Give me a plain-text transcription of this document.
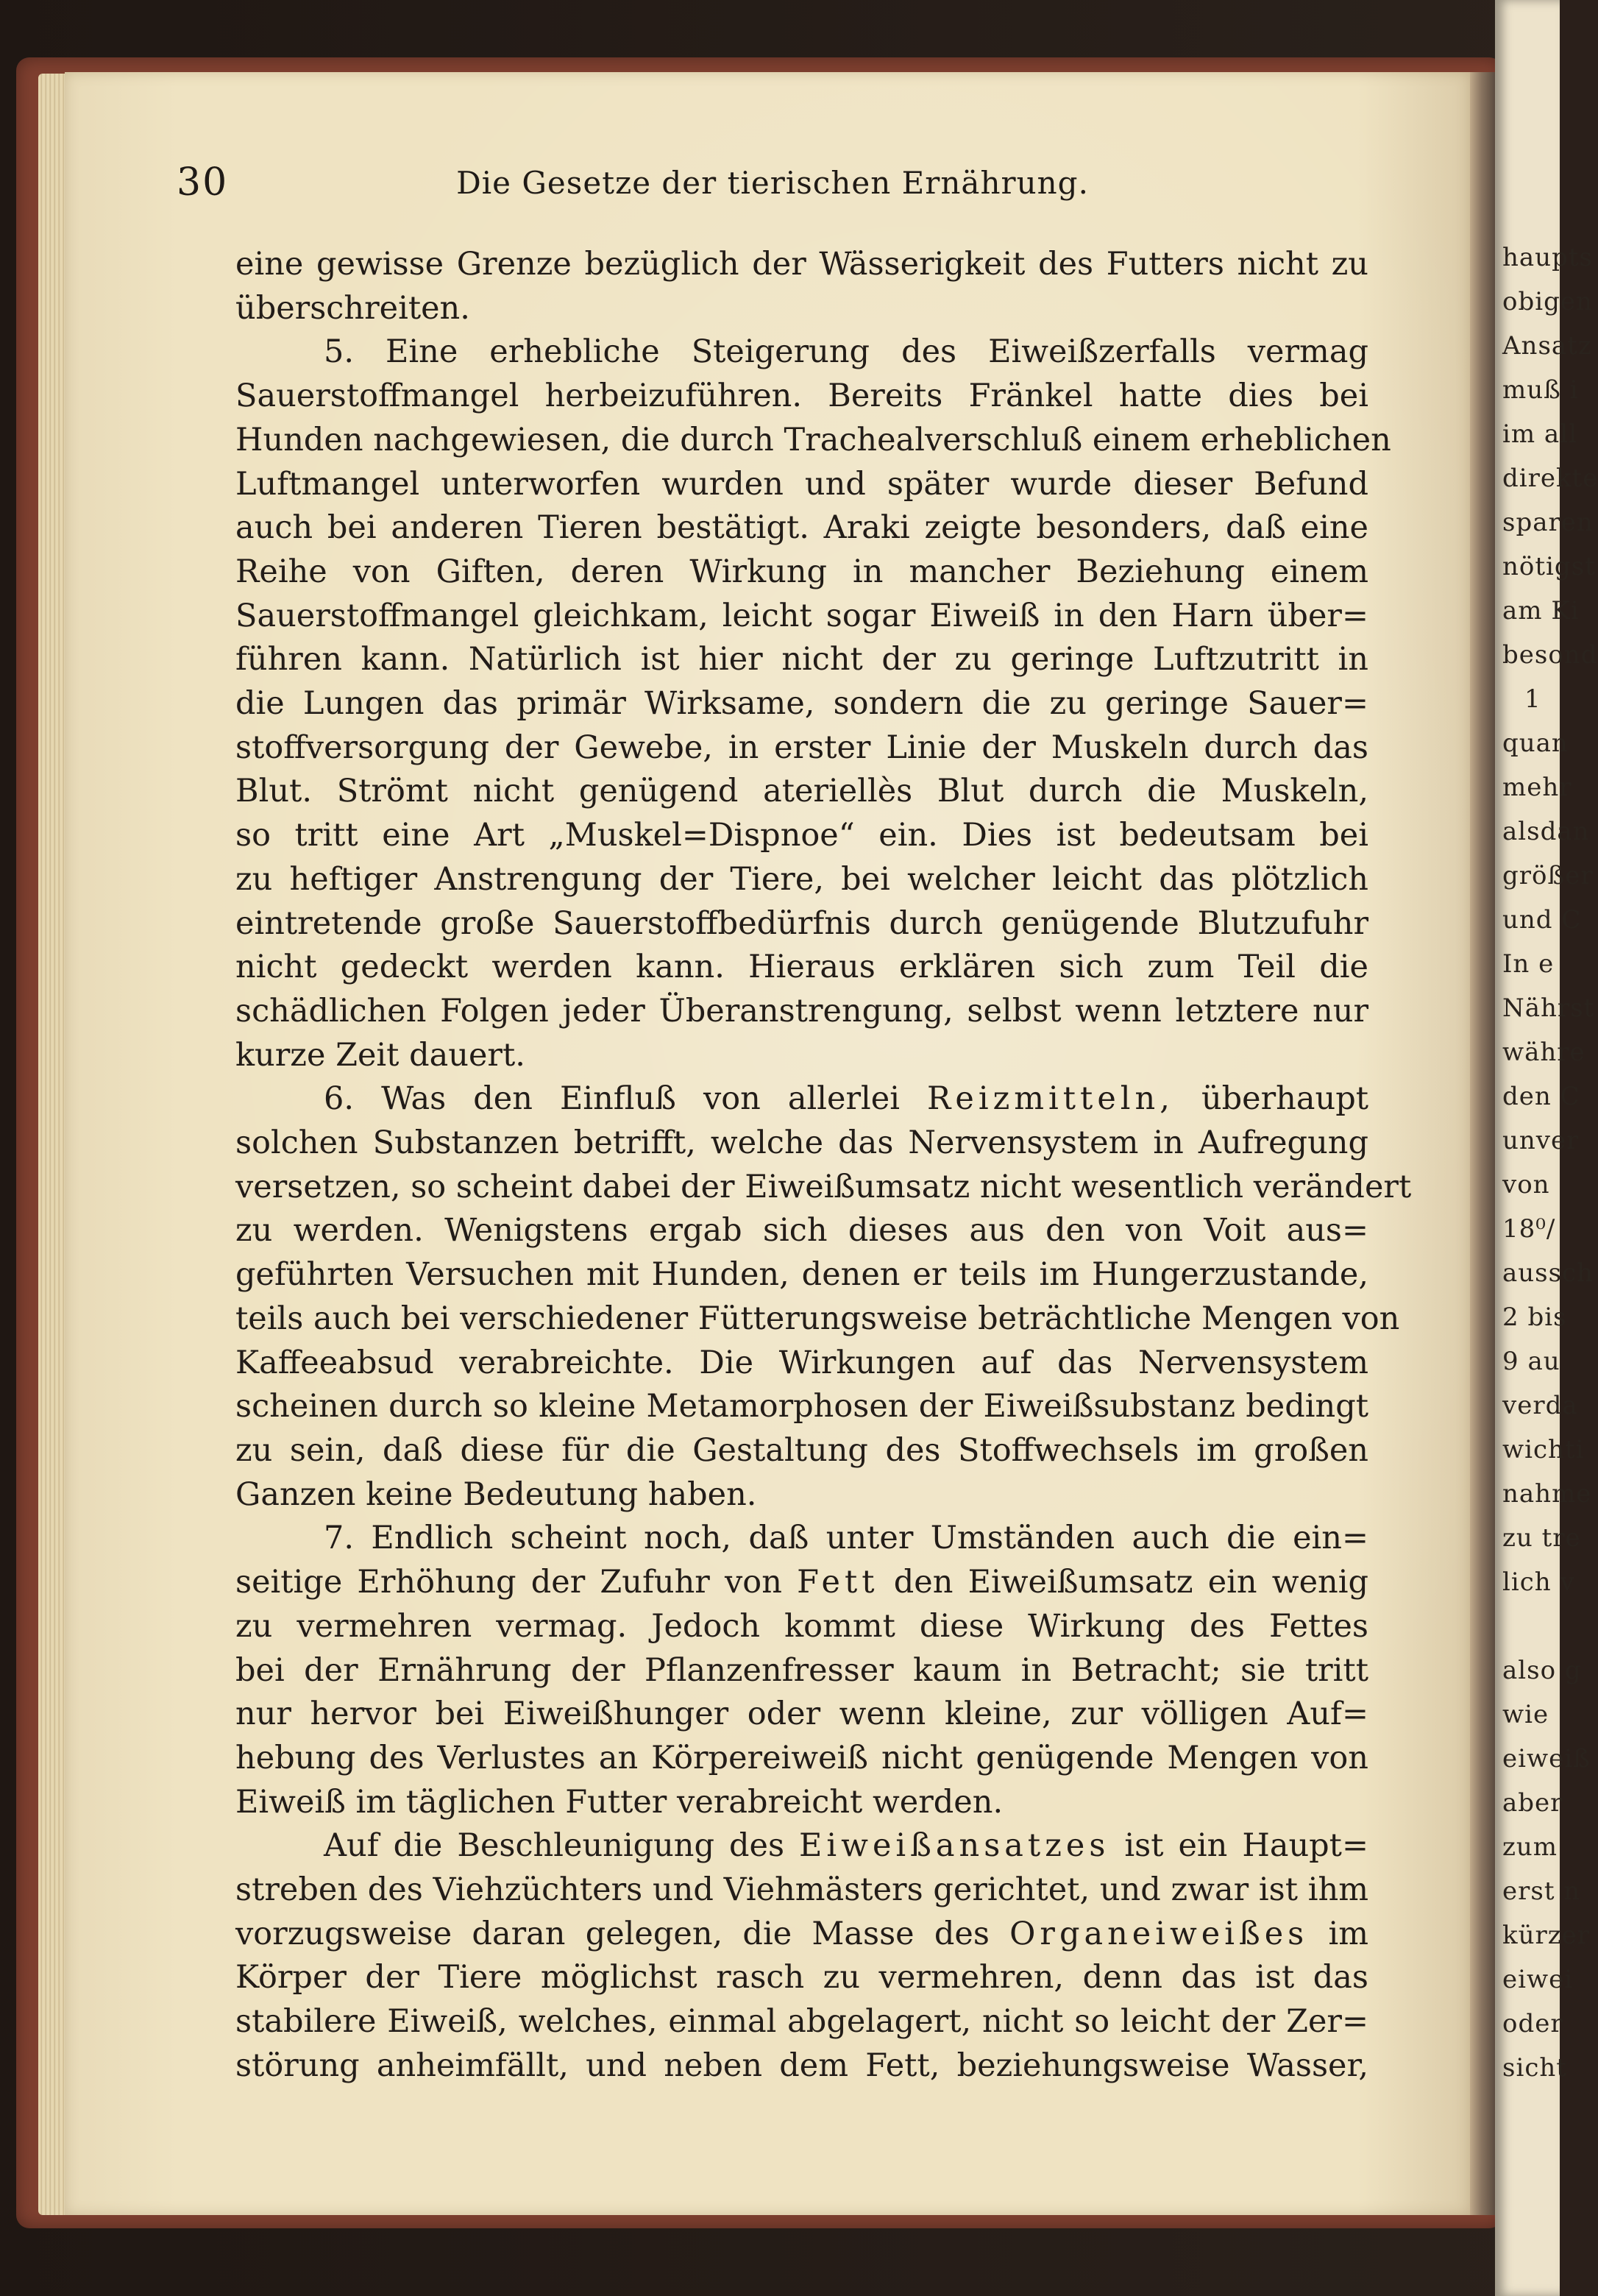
30	Die Gesetze der tierischen Ernährung.
eine gewisse Grenze bezüglich der Wässerigkeit des Futters nicht zu
überschreiten.
5. Eine erhebliche Steigerung des Eiweißzerfalls vermag
Sauerstoffmangel herbeizuführen. Bereits Fränkel hatte dies bei
Hunden nachgewiesen, die durch Trachealverschluß einem erheblichen
Luftmangel unterworfen wurden und später wurde dieser Befund
auch bei anderen Tieren bestätigt. Araki zeigte besonders, daß eine
Reihe von Giften, deren Wirkung in mancher Beziehung einem
Sauerstoffmangel gleichkam, leicht sogar Eiweiß in den Harn über=
führen kann. Natürlich ist hier nicht der zu geringe Luftzutritt in
die Lungen das primär Wirksame, sondern die zu geringe Sauer=
stoffversorgung der Gewebe, in erster Linie der Muskeln durch das
Blut. Strömt nicht genügend ateriellès Blut durch die Muskeln,
so tritt eine Art „Muskel=Dispnoe“ ein. Dies ist bedeutsam bei
zu heftiger Anstrengung der Tiere, bei welcher leicht das plötzlich
eintretende große Sauerstoffbedürfnis durch genügende Blutzufuhr
nicht gedeckt werden kann. Hieraus erklären sich zum Teil die
schädlichen Folgen jeder Überanstrengung, selbst wenn letztere nur
kurze Zeit dauert.
6. Was den Einfluß von allerlei Reizmitteln, überhaupt
solchen Substanzen betrifft, welche das Nervensystem in Aufregung
versetzen, so scheint dabei der Eiweißumsatz nicht wesentlich verändert
zu werden. Wenigstens ergab sich dieses aus den von Voit aus=
geführten Versuchen mit Hunden, denen er teils im Hungerzustande,
teils auch bei verschiedener Fütterungsweise beträchtliche Mengen von
Kaffeeabsud verabreichte. Die Wirkungen auf das Nervensystem
scheinen durch so kleine Metamorphosen der Eiweißsubstanz bedingt
zu sein, daß diese für die Gestaltung des Stoffwechsels im großen
Ganzen keine Bedeutung haben.
7. Endlich scheint noch, daß unter Umständen auch die ein=
seitige Erhöhung der Zufuhr von Fett den Eiweißumsatz ein wenig
zu vermehren vermag. Jedoch kommt diese Wirkung des Fettes
bei der Ernährung der Pflanzenfresser kaum in Betracht; sie tritt
nur hervor bei Eiweißhunger oder wenn kleine, zur völligen Auf=
hebung des Verlustes an Körpereiweiß nicht genügende Mengen von
Eiweiß im täglichen Futter verabreicht werden.
Auf die Beschleunigung des Eiweißansatzes ist ein Haupt=
streben des Viehzüchters und Viehmästers gerichtet, und zwar ist ihm
vorzugsweise daran gelegen, die Masse des Organeiweißes im
Körper der Tiere möglichst rasch zu vermehren, denn das ist das
stabilere Eiweiß, welches, einmal abgelagert, nicht so leicht der Zer=
störung anheimfällt, und neben dem Fett, beziehungsweise Wasser,
haupts
obigen
Ansatz
muß i
im all
direkte
sparen
nötigst
am Ki
besond
1
quan
mehr
alsdan
größer
und C
In e
Nährst
währe
den C
unver
von
18⁰/
aussch
2 bis
9 au
verda
wichti
nahme
zu tre
lich v
also g
wie
eiweiß
aber
zum
erst n
kürzer
eiwei
oder
sicht
